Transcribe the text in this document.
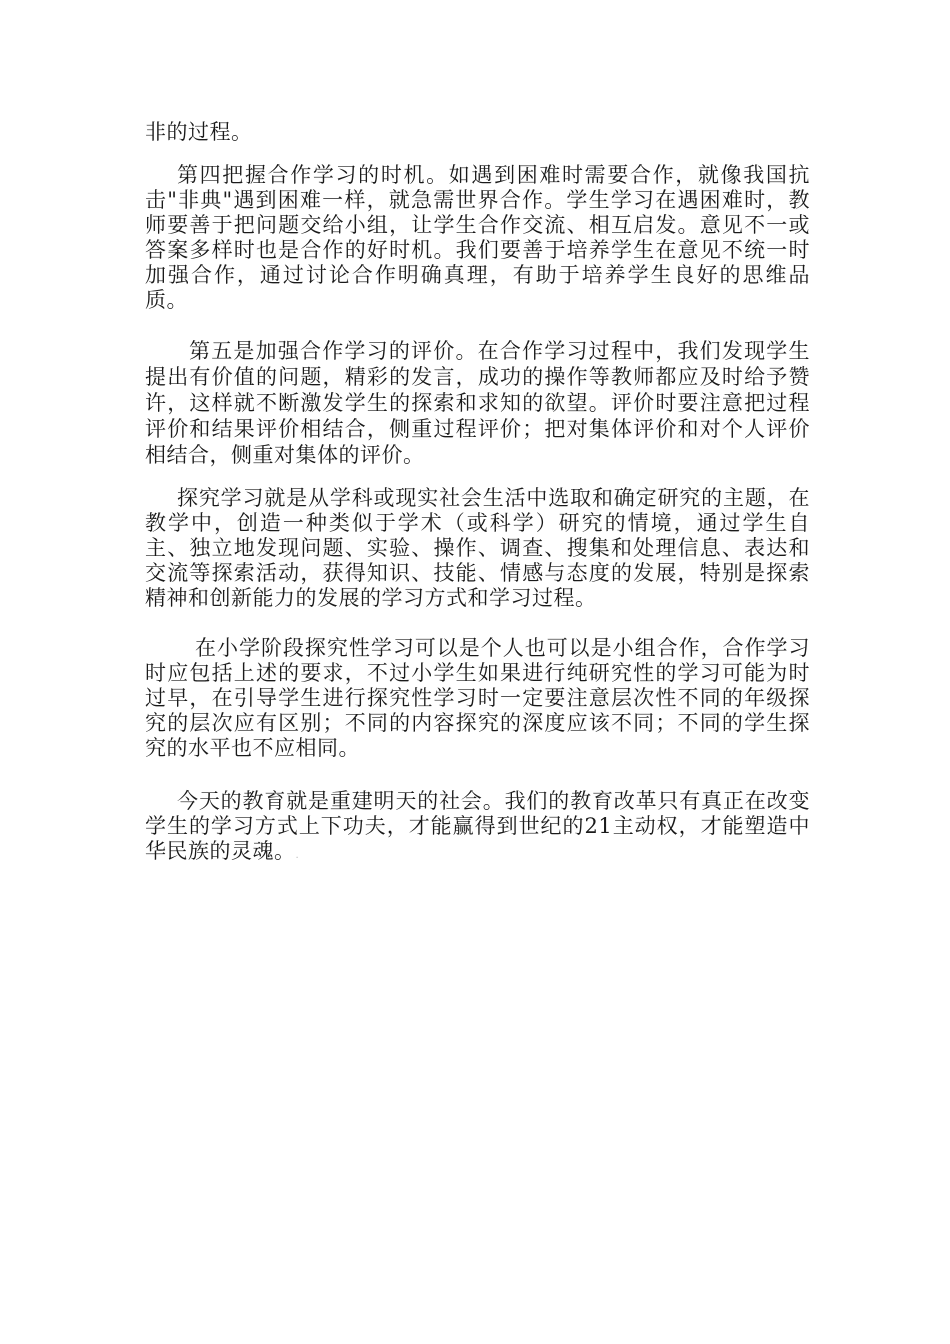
非的过程。
第四把握合作学习的时机。如遇到困难时需要合作，就像我国抗击"非典"遇到困难一样，就急需世界合作。学生学习在遇困难时，教师要善于把问题交给小组，让学生合作交流、相互启发。意见不一或答案多样时也是合作的好时机。我们要善于培养学生在意见不统一时加强合作，通过讨论合作明确真理，有助于培养学生良好的思维品质。
第五是加强合作学习的评价。在合作学习过程中，我们发现学生提出有价值的问题，精彩的发言，成功的操作等教师都应及时给予赞许，这样就不断激发学生的探索和求知的欲望。评价时要注意把过程评价和结果评价相结合，侧重过程评价；把对集体评价和对个人评价相结合，侧重对集体的评价。
探究学习就是从学科或现实社会生活中选取和确定研究的主题，在教学中，创造一种类似于学术（或科学）研究的情境，通过学生自主、独立地发现问题、实验、操作、调查、搜集和处理信息、表达和交流等探索活动，获得知识、技能、情感与态度的发展，特别是探索精神和创新能力的发展的学习方式和学习过程。
在小学阶段探究性学习可以是个人也可以是小组合作，合作学习时应包括上述的要求，不过小学生如果进行纯研究性的学习可能为时过早，在引导学生进行探究性学习时一定要注意层次性不同的年级探究的层次应有区别；不同的内容探究的深度应该不同；不同的学生探究的水平也不应相同。
今天的教育就是重建明天的社会。我们的教育改革只有真正在改变学生的学习方式上下功夫，才能赢得到世纪的21主动权，才能塑造中华民族的灵魂。.
